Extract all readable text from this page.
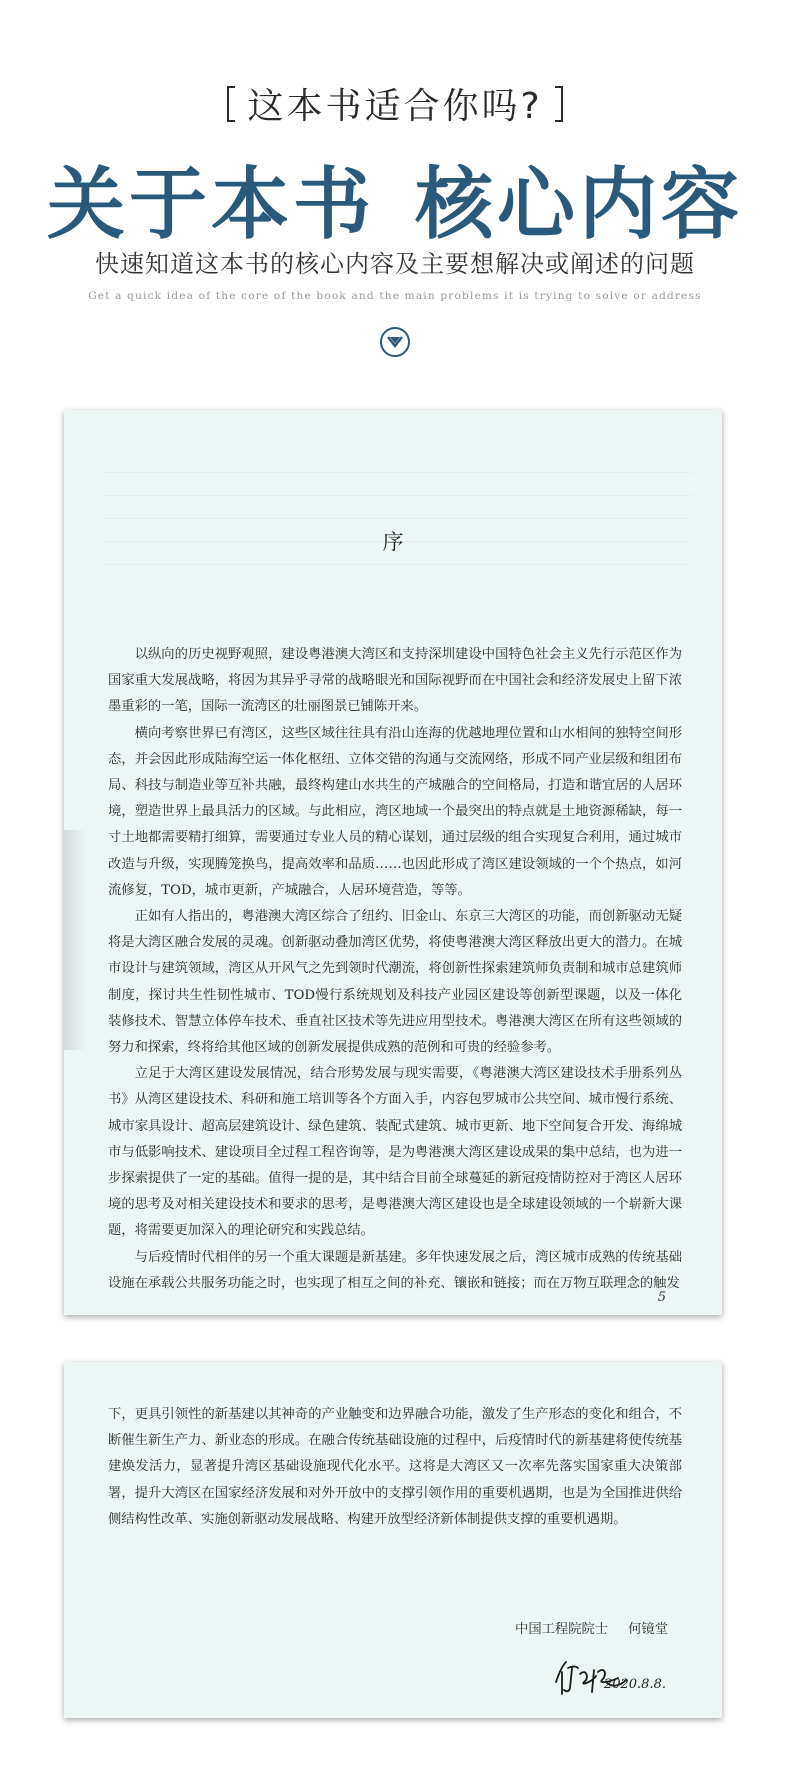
这本书适合你吗?
关于本书 核心内容
快速知道这本书的核心内容及主要想解决或阐述的问题
Get a quick idea of the core of the book and the main problems it is trying to solve or address
序

以纵向的历史视野观照，建设粤港澳大湾区和支持深圳建设中国特色社会主义先行示范区作为国家重大发展战略，将因为其异乎寻常的战略眼光和国际视野而在中国社会和经济发展史上留下浓墨重彩的一笔，国际一流湾区的壮丽图景已铺陈开来。

横向考察世界已有湾区，这些区域往往具有沿山连海的优越地理位置和山水相间的独特空间形态，并会因此形成陆海空运一体化枢纽、立体交错的沟通与交流网络，形成不同产业层级和组团布局、科技与制造业等互补共融，最终构建山水共生的产城融合的空间格局，打造和谐宜居的人居环境，塑造世界上最具活力的区域。与此相应，湾区地域一个最突出的特点就是土地资源稀缺，每一寸土地都需要精打细算，需要通过专业人员的精心谋划，通过层级的组合实现复合利用，通过城市改造与升级，实现腾笼换鸟，提高效率和品质……也因此形成了湾区建设领域的一个个热点，如河流修复，TOD，城市更新，产城融合，人居环境营造，等等。

正如有人指出的，粤港澳大湾区综合了纽约、旧金山、东京三大湾区的功能，而创新驱动无疑将是大湾区融合发展的灵魂。创新驱动叠加湾区优势，将使粤港澳大湾区释放出更大的潜力。在城市设计与建筑领域，湾区从开风气之先到领时代潮流，将创新性探索建筑师负责制和城市总建筑师制度，探讨共生性韧性城市、TOD慢行系统规划及科技产业园区建设等创新型课题，以及一体化装修技术、智慧立体停车技术、垂直社区技术等先进应用型技术。粤港澳大湾区在所有这些领域的努力和探索，终将给其他区域的创新发展提供成熟的范例和可贵的经验参考。

立足于大湾区建设发展情况，结合形势发展与现实需要，《粤港澳大湾区建设技术手册系列丛书》从湾区建设技术、科研和施工培训等各个方面入手，内容包罗城市公共空间、城市慢行系统、城市家具设计、超高层建筑设计、绿色建筑、装配式建筑、城市更新、地下空间复合开发、海绵城市与低影响技术、建设项目全过程工程咨询等，是为粤港澳大湾区建设成果的集中总结，也为进一步探索提供了一定的基础。值得一提的是，其中结合目前全球蔓延的新冠疫情防控对于湾区人居环境的思考及对相关建设技术和要求的思考，是粤港澳大湾区建设也是全球建设领域的一个崭新大课题，将需要更加深入的理论研究和实践总结。

与后疫情时代相伴的另一个重大课题是新基建。多年快速发展之后，湾区城市成熟的传统基础设施在承载公共服务功能之时，也实现了相互之间的补充、镶嵌和链接；而在万物互联理念的触发

5

下，更具引领性的新基建以其神奇的产业触变和边界融合功能，激发了生产形态的变化和组合，不断催生新生产力、新业态的形成。在融合传统基础设施的过程中，后疫情时代的新基建将使传统基建焕发活力，显著提升湾区基础设施现代化水平。这将是大湾区又一次率先落实国家重大决策部署，提升大湾区在国家经济发展和对外开放中的支撑引领作用的重要机遇期，也是为全国推进供给侧结构性改革、实施创新驱动发展战略、构建开放型经济新体制提供支撑的重要机遇期。

中国工程院院士 何镜堂
2020.8.8.
